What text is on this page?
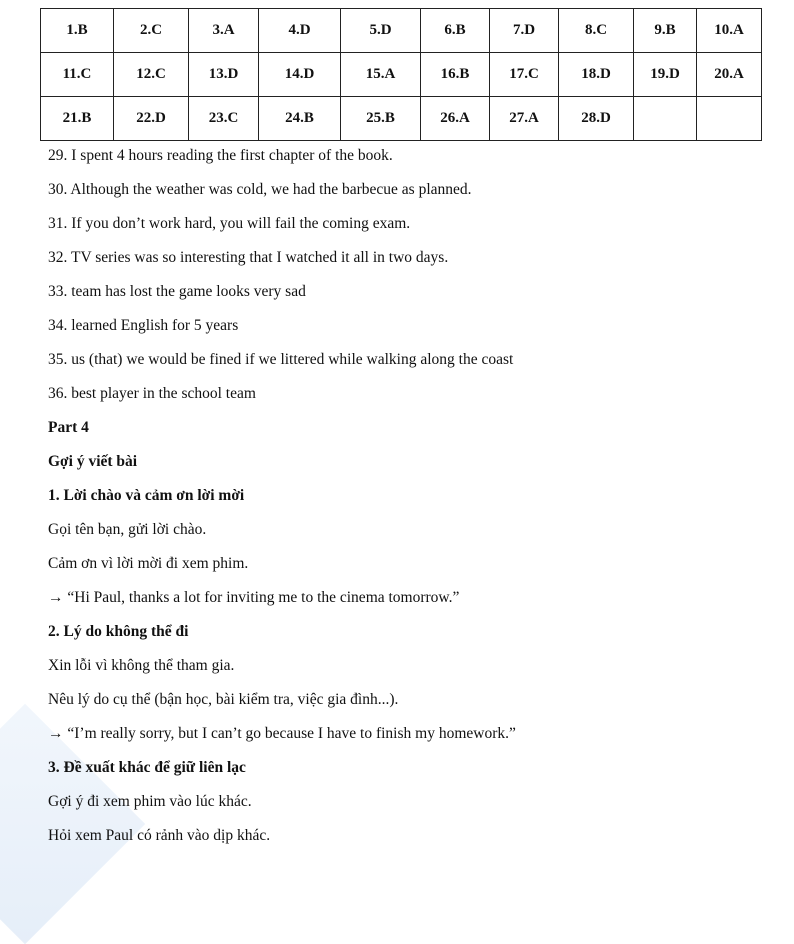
1.B	2.C	3.A	4.D	5.D	6.B	7.D	8.C	9.B	10.A
11.C	12.C	13.D	14.D	15.A	16.B	17.C	18.D	19.D	20.A
21.B	22.D	23.C	24.B	25.B	26.A	27.A	28.D		
29. I spent 4 hours reading the first chapter of the book.
30. Although the weather was cold, we had the barbecue as planned.
31. If you don’t work hard, you will fail the coming exam.
32. TV series was so interesting that I watched it all in two days.
33. team has lost the game looks very sad
34. learned English for 5 years
35. us (that) we would be fined if we littered while walking along the coast
36. best player in the school team
Part 4
Gợi ý viết bài
1. Lời chào và cảm ơn lời mời
Gọi tên bạn, gửi lời chào.
Cảm ơn vì lời mời đi xem phim.
→ “Hi Paul, thanks a lot for inviting me to the cinema tomorrow.”
2. Lý do không thể đi
Xin lỗi vì không thể tham gia.
Nêu lý do cụ thể (bận học, bài kiểm tra, việc gia đình...).
→ “I’m really sorry, but I can’t go because I have to finish my homework.”
3. Đề xuất khác để giữ liên lạc
Gợi ý đi xem phim vào lúc khác.
Hỏi xem Paul có rảnh vào dịp khác.
